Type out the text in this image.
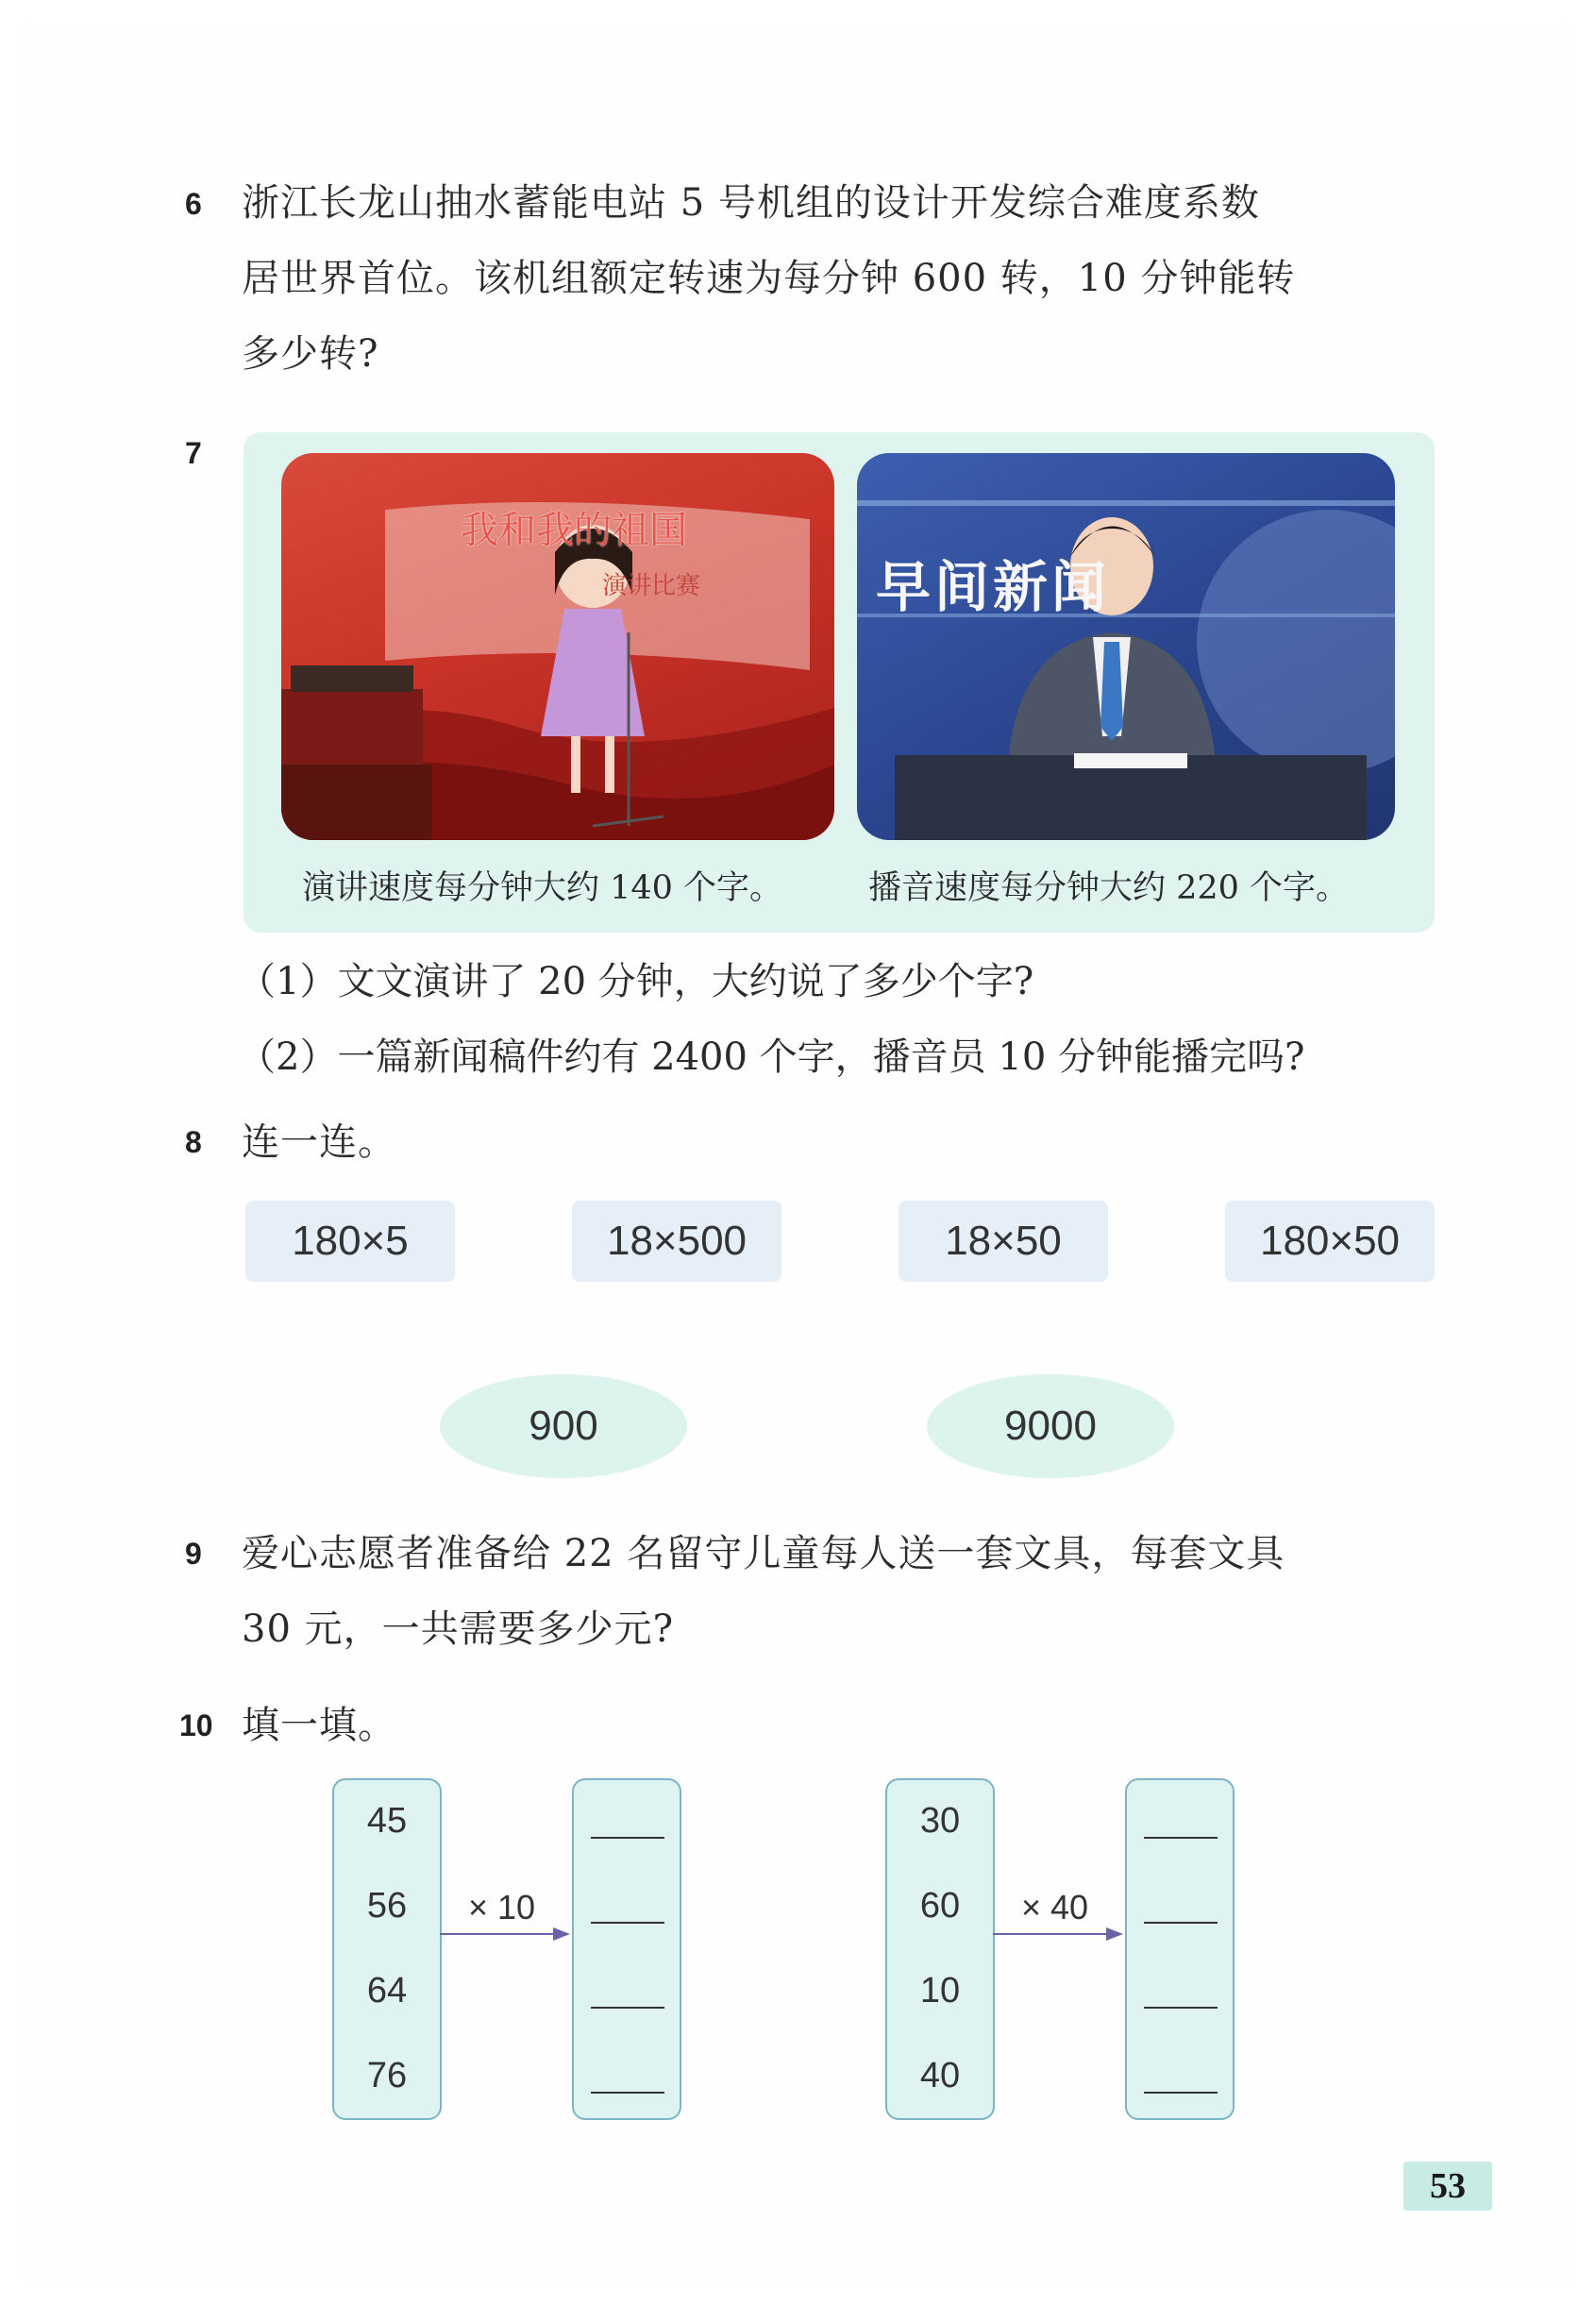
6 浙江长龙山抽水蓄能电站 5 号机组的设计开发综合难度系数
居世界首位。该机组额定转速为每分钟 600 转，10 分钟能转
多少转?
7
我和我的祖国
演讲比赛	早间新闻
演讲速度每分钟大约 140 个字。	播音速度每分钟大约 220 个字。
（1）文文演讲了 20 分钟，大约说了多少个字?
（2）一篇新闻稿件约有 2400 个字，播音员 10 分钟能播完吗?
8 连一连。
180×5	18×500	18×50	180×50
900	9000
9 爱心志愿者准备给 22 名留守儿童每人送一套文具，每套文具
30 元，一共需要多少元?
10 填一填。
45
56
64
76
× 10
30
60
10
40
× 40
53
